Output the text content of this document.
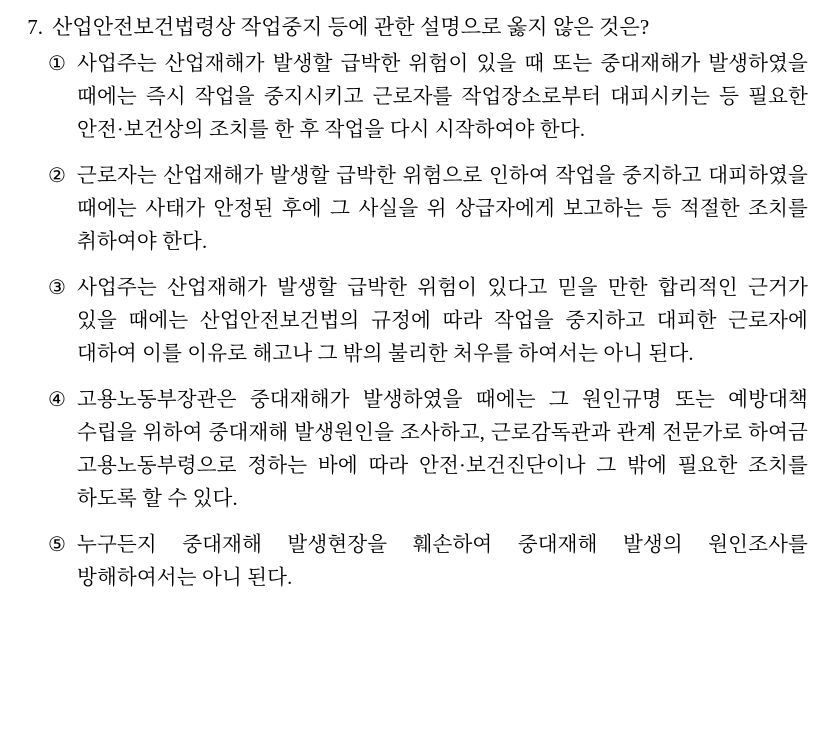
7. 산업안전보건법령상 작업중지 등에 관한 설명으로 옳지 않은 것은?
① 사업주는 산업재해가 발생할 급박한 위험이 있을 때 또는 중대재해가 발생하였을 때에는 즉시 작업을 중지시키고 근로자를 작업장소로부터 대피시키는 등 필요한 안전·보건상의 조치를 한 후 작업을 다시 시작하여야 한다.
② 근로자는 산업재해가 발생할 급박한 위험으로 인하여 작업을 중지하고 대피하였을 때에는 사태가 안정된 후에 그 사실을 위 상급자에게 보고하는 등 적절한 조치를 취하여야 한다.
③ 사업주는 산업재해가 발생할 급박한 위험이 있다고 믿을 만한 합리적인 근거가 있을 때에는 산업안전보건법의 규정에 따라 작업을 중지하고 대피한 근로자에 대하여 이를 이유로 해고나 그 밖의 불리한 처우를 하여서는 아니 된다.
④ 고용노동부장관은 중대재해가 발생하였을 때에는 그 원인규명 또는 예방대책 수립을 위하여 중대재해 발생원인을 조사하고, 근로감독관과 관계 전문가로 하여금 고용노동부령으로 정하는 바에 따라 안전·보건진단이나 그 밖에 필요한 조치를 하도록 할 수 있다.
⑤ 누구든지 중대재해 발생현장을 훼손하여 중대재해 발생의 원인조사를 방해하여서는 아니 된다.
